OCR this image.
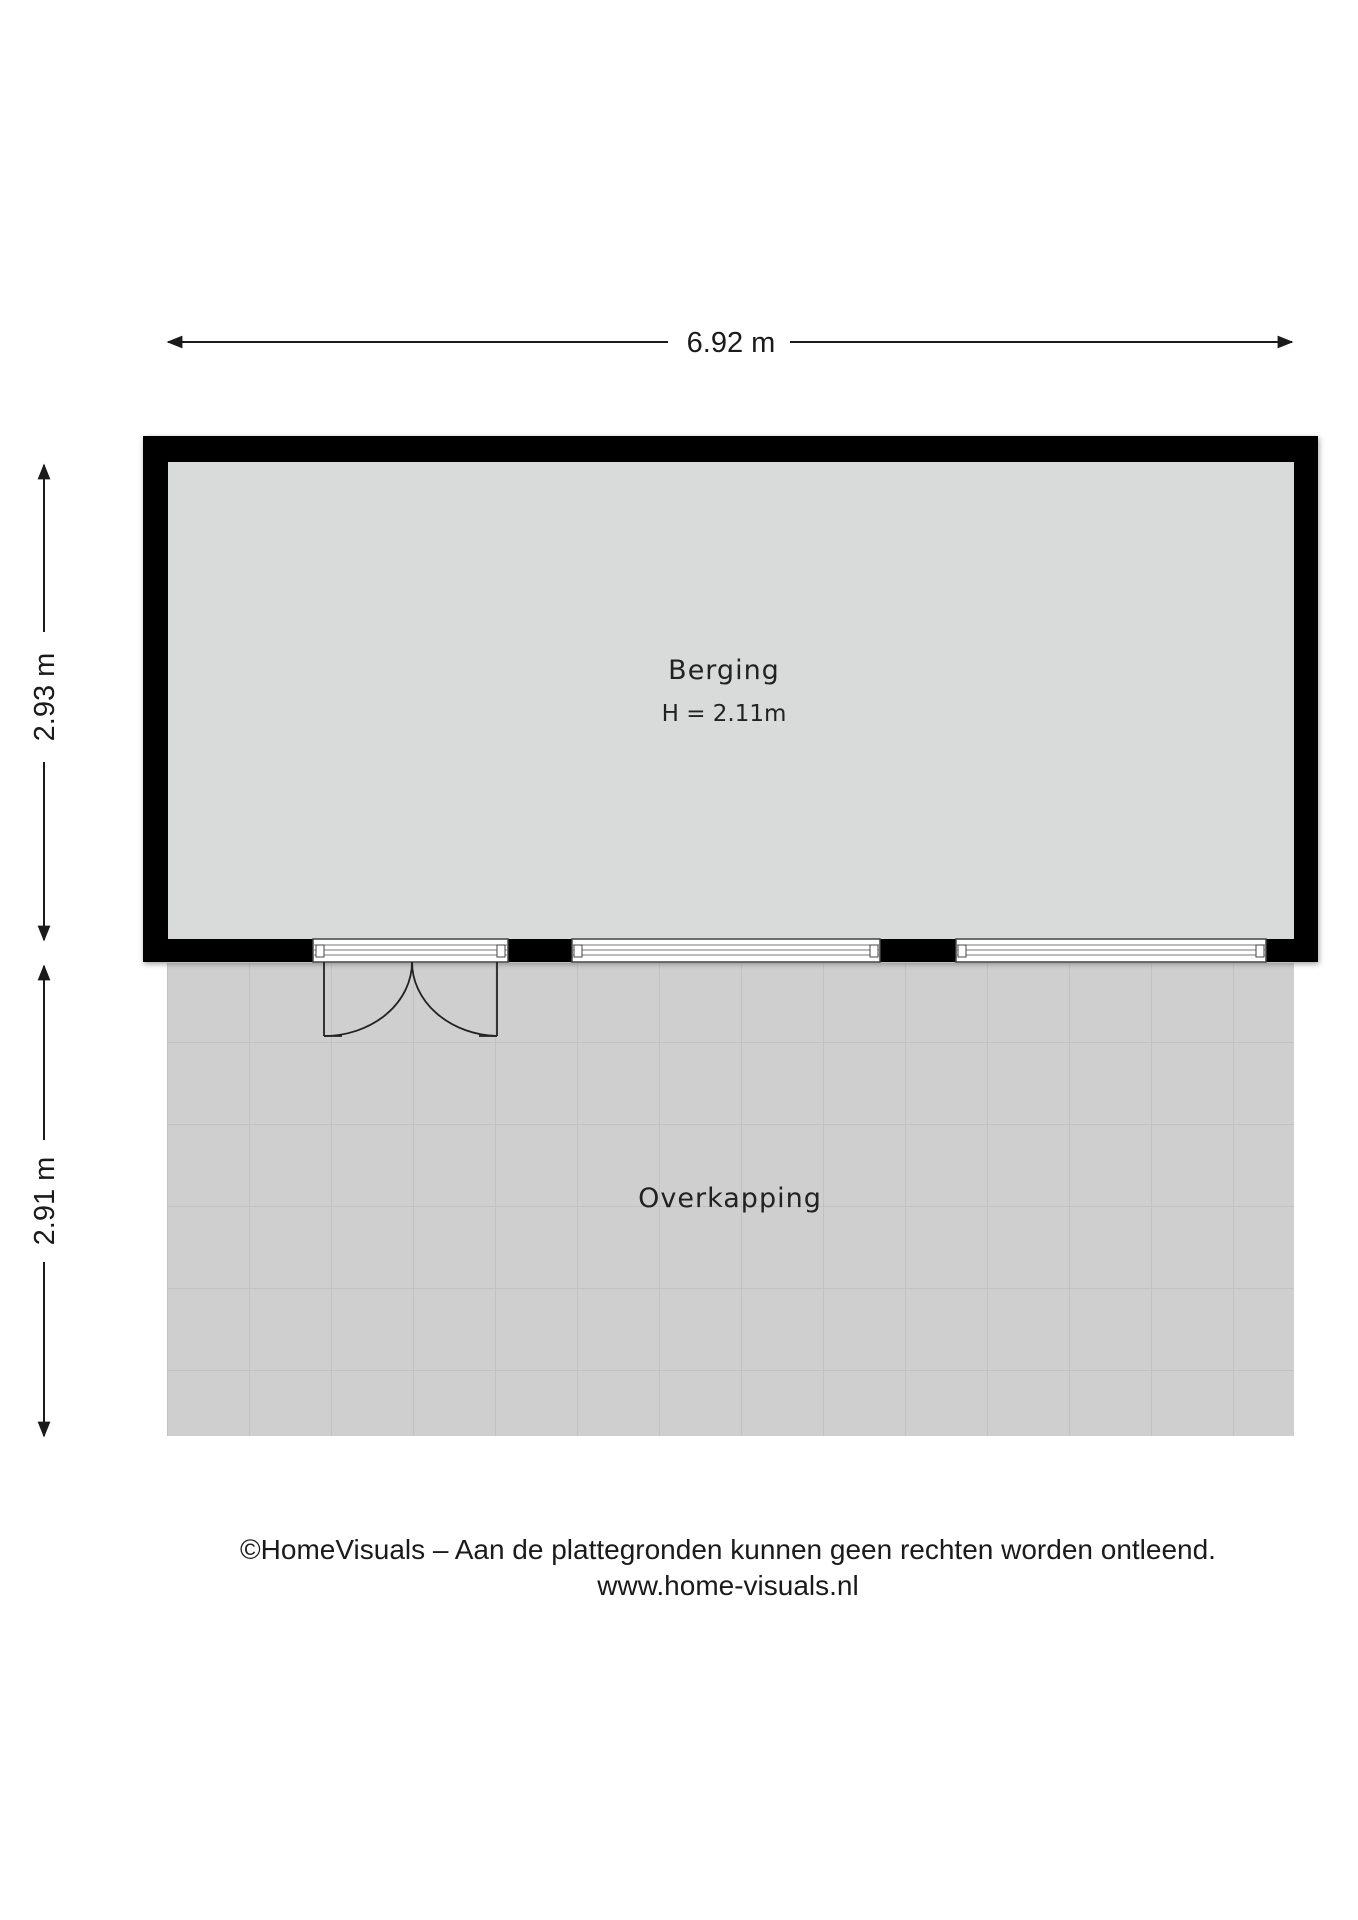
6.92 m
2.93 m
2.91 m
Berging
H = 2.11m
Overkapping
©HomeVisuals – Aan de plattegronden kunnen geen rechten worden ontleend.
www.home-visuals.nl
